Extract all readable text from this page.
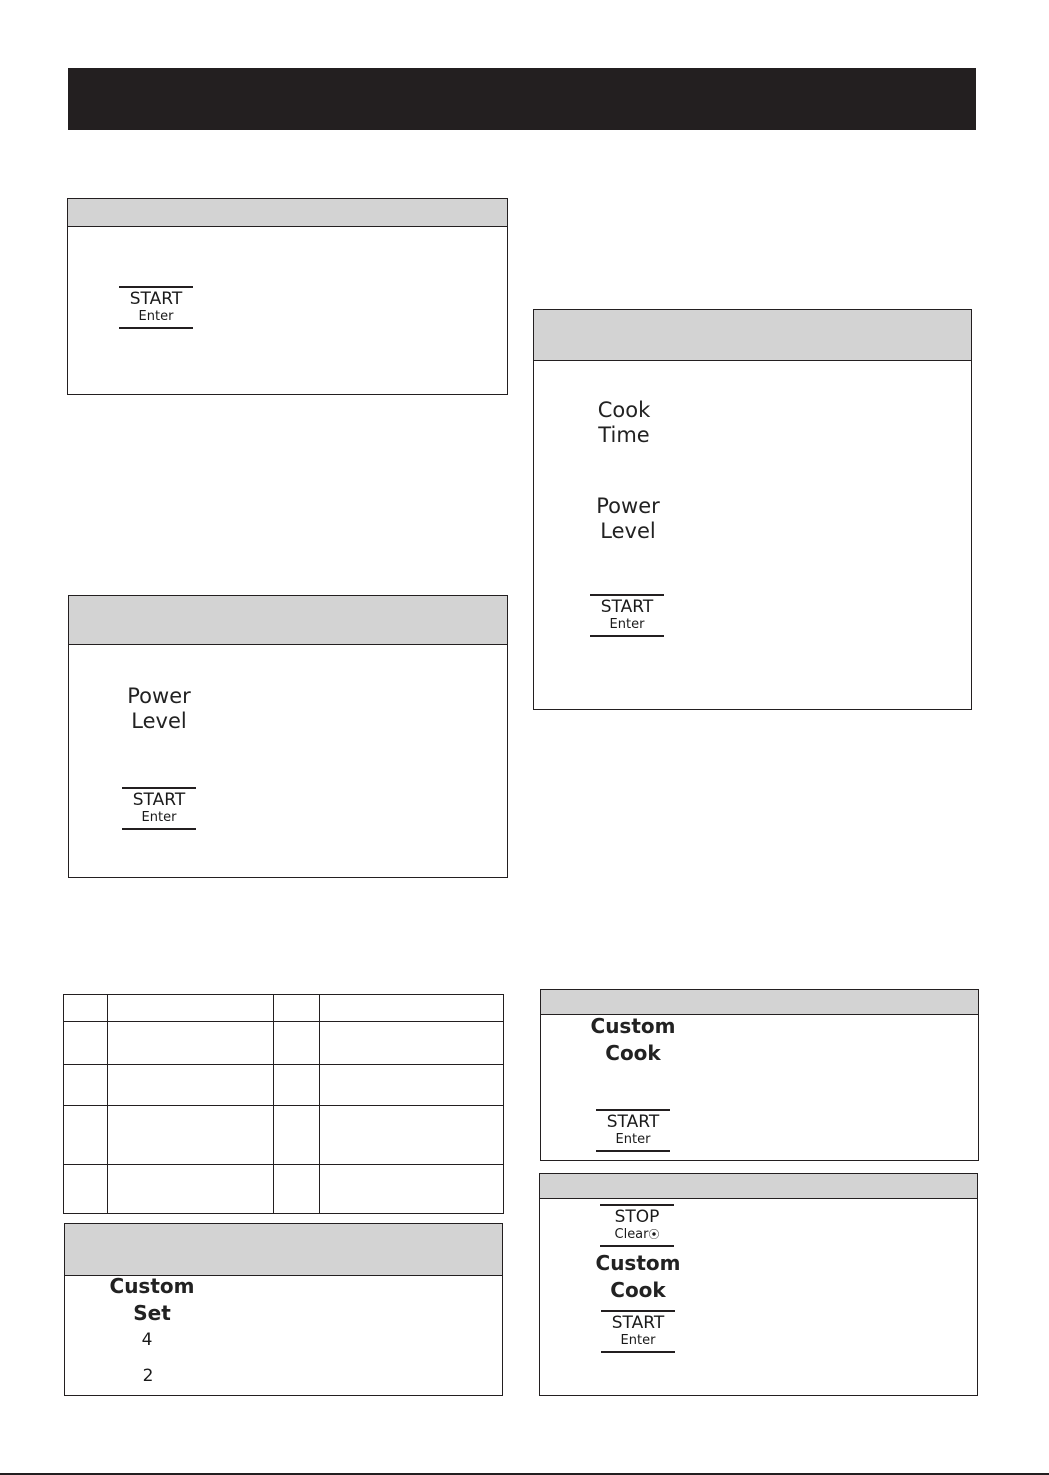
START
Enter
Power
Level
START
Enter
Cook
Time
Power
Level
START
Enter

Custom
Set
4
2
Custom
Cook
START
Enter
STOP
Clear⦿
Custom
Cook
START
Enter
